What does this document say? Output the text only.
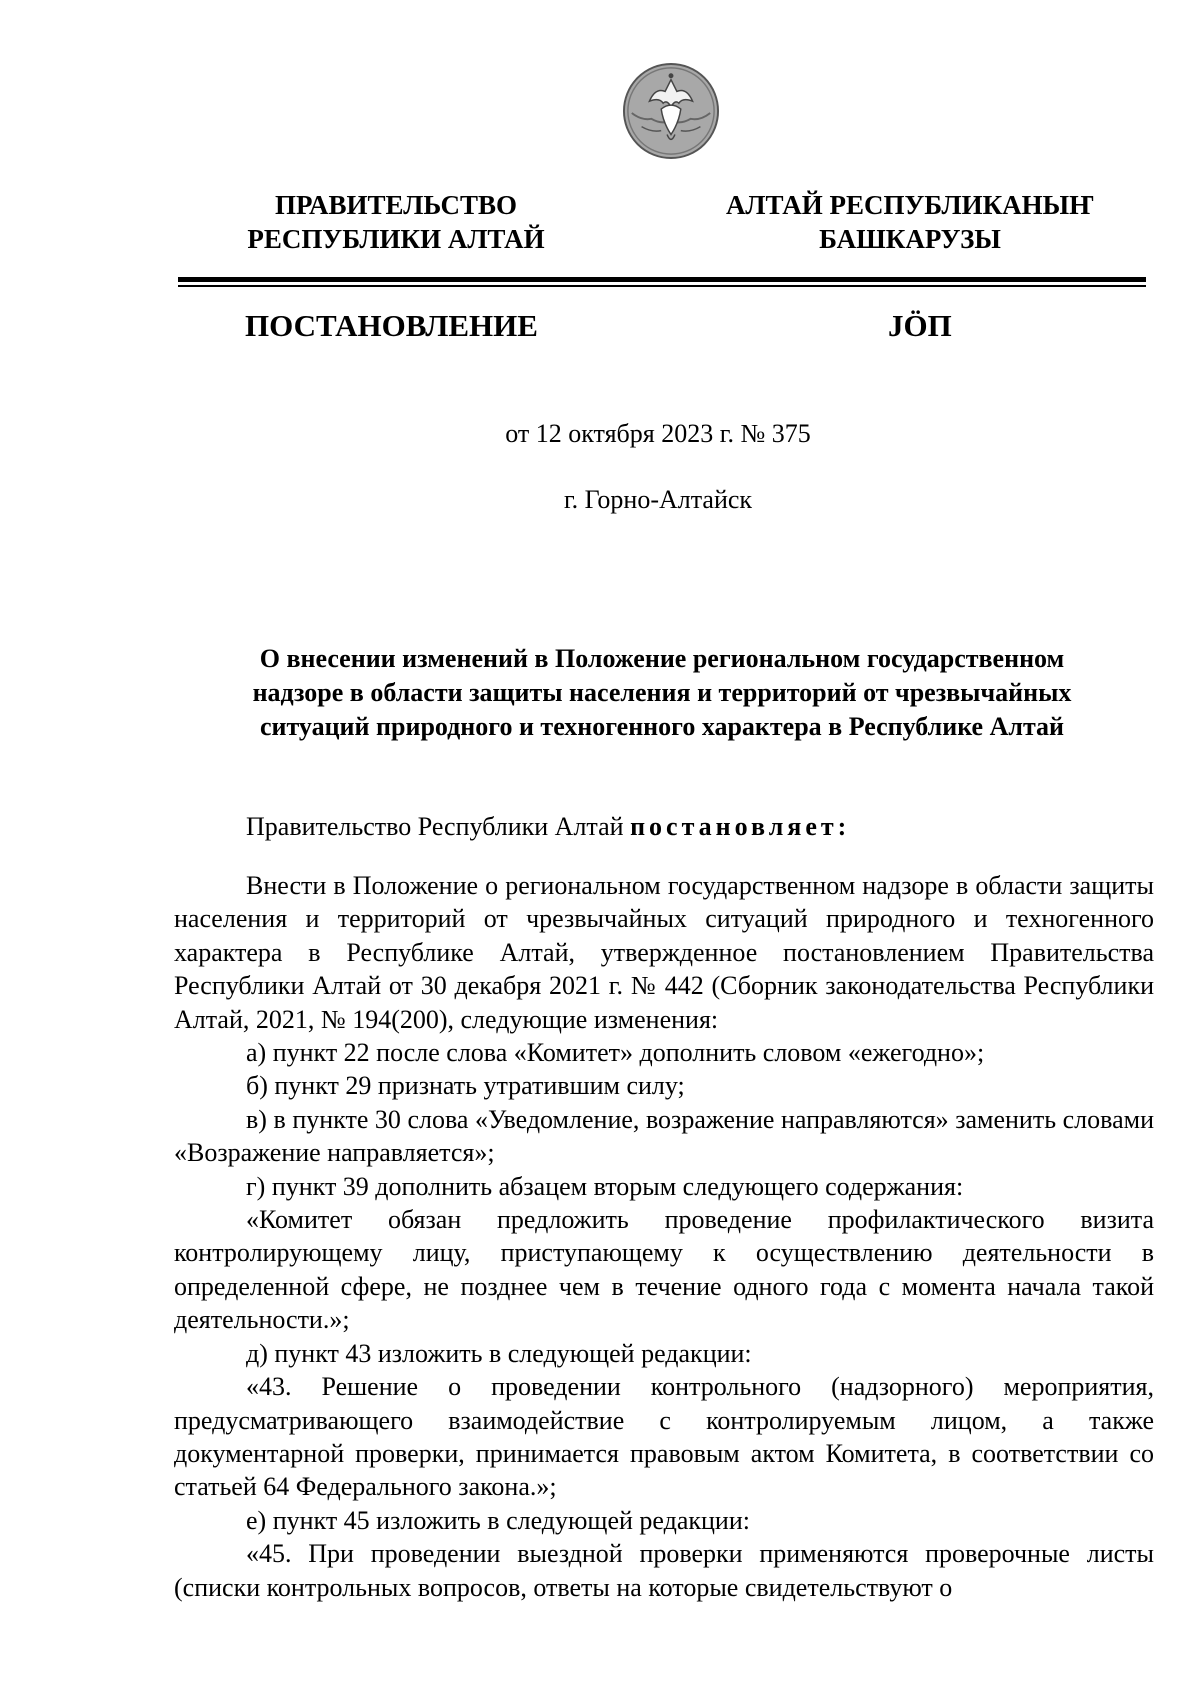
ПРАВИТЕЛЬСТВО
РЕСПУБЛИКИ АЛТАЙ
АЛТАЙ РЕСПУБЛИКАНЫҤ
БАШКАРУЗЫ
ПОСТАНОВЛЕНИЕ	JӦП
от 12 октября 2023 г. № 375
г. Горно-Алтайск
О внесении изменений в Положение региональном государственном
надзоре в области защиты населения и территорий от чрезвычайных
ситуаций природного и техногенного характера в Республике Алтай
Правительство Республики Алтай постановляет:

Внести в Положение о региональном государственном надзоре в области защиты населения и территорий от чрезвычайных ситуаций природного и техногенного характера в Республике Алтай, утвержденное постановлением Правительства Республики Алтай от 30 декабря 2021 г. № 442 (Сборник законодательства Республики Алтай, 2021, № 194(200), следующие изменения:

а) пункт 22 после слова «Комитет» дополнить словом «ежегодно»;

б) пункт 29 признать утратившим силу;

в) в пункте 30 слова «Уведомление, возражение направляются» заменить словами «Возражение направляется»;

г) пункт 39 дополнить абзацем вторым следующего содержания:

«Комитет обязан предложить проведение профилактического визита контролирующему лицу, приступающему к осуществлению деятельности в определенной сфере, не позднее чем в течение одного года с момента начала такой деятельности.»;

д) пункт 43 изложить в следующей редакции:

«43. Решение о проведении контрольного (надзорного) мероприятия, предусматривающего взаимодействие с контролируемым лицом, а также документарной проверки, принимается правовым актом Комитета, в соответствии со статьей 64 Федерального закона.»;

е) пункт 45 изложить в следующей редакции:

«45. При проведении выездной проверки применяются проверочные листы (списки контрольных вопросов, ответы на которые свидетельствуют о
